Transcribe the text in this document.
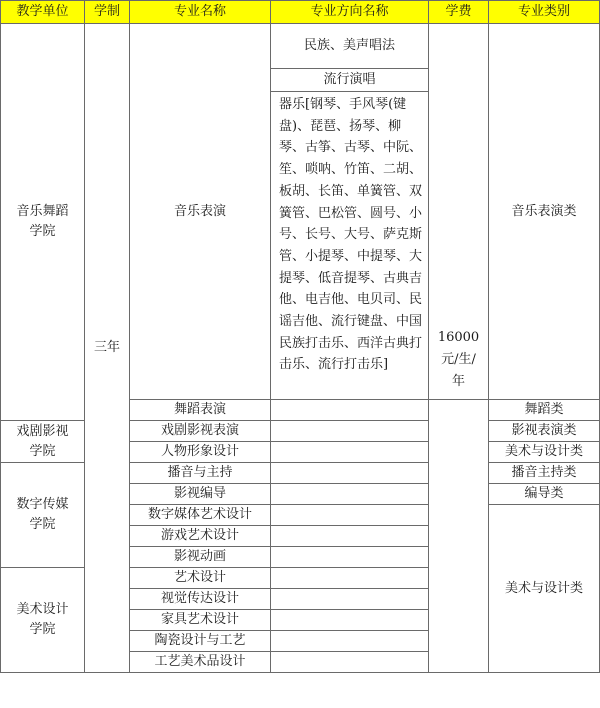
教学单位	学制	专业名称	专业方向名称	学费	专业类别

音乐舞蹈学院	三年	音乐表演	民族、美声唱法	16000元/生/年	音乐表演类
			流行演唱		
			器乐[钢琴、手风琴(键盘)、琵琶、扬琴、柳琴、古筝、古琴、中阮、笙、唢呐、竹笛、二胡、板胡、长笛、单簧管、双簧管、巴松管、圆号、小号、长号、大号、萨克斯管、小提琴、中提琴、大提琴、低音提琴、古典吉他、电吉他、电贝司、民谣吉他、流行键盘、中国民族打击乐、西洋古典打击乐、流行打击乐]		
		舞蹈表演			舞蹈类

戏剧影视学院		戏剧影视表演			影视表演类
		人物形象设计			美术与设计类

数字传媒学院		播音与主持			播音主持类
		影视编导			编导类
		数字媒体艺术设计			美术与设计类
		游戏艺术设计			
		影视动画			

美术设计学院		艺术设计			
		视觉传达设计			
		家具艺术设计			
		陶瓷设计与工艺			
		工艺美术品设计			
